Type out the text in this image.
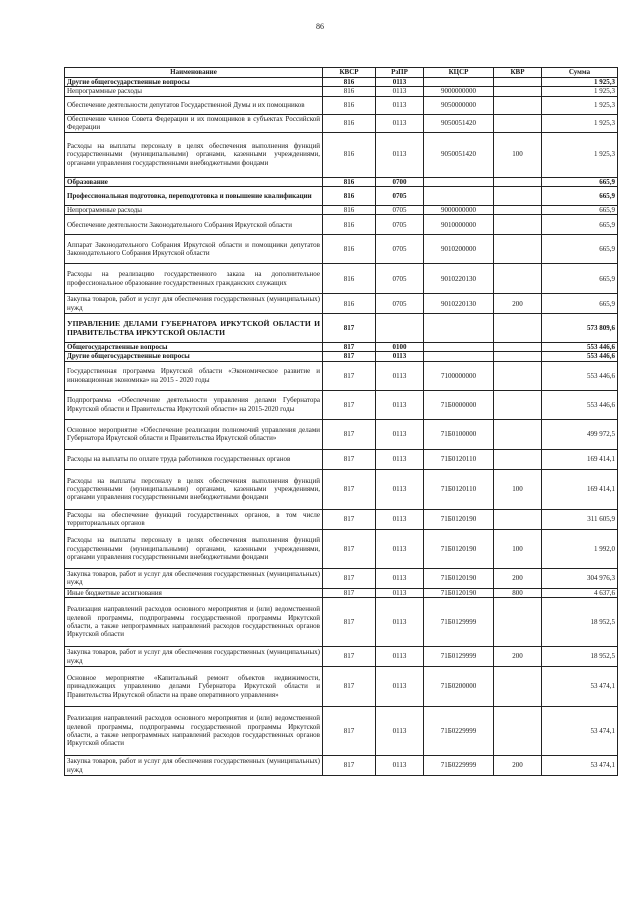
86
Наименование	КВСР	РзПР	КЦСР	КВР	Сумма
Другие общегосударственные вопросы	816	0113			1 925,3
Непрограммные расходы	816	0113	9000000000		1 925,3
Обеспечение деятельности депутатов Государственной Думы и их помощников	816	0113	9050000000		1 925,3
Обеспечение членов Совета Федерации и их помощников в субъектах Российской Федерации	816	0113	9050051420		1 925,3
Расходы на выплаты персоналу в целях обеспечения выполнения функций государственными (муниципальными) органами, казенными учреждениями, органами управления государственными внебюджетными фондами	816	0113	9050051420	100	1 925,3
Образование	816	0700			665,9
Профессиональная подготовка, переподготовка и повышение квалификации	816	0705			665,9
Непрограммные расходы	816	0705	9000000000		665,9
Обеспечение деятельности Законодательного Собрания Иркутской области	816	0705	9010000000		665,9
Аппарат Законодательного Собрания Иркутской области и помощники депутатов Законодательного Собрания Иркутской области	816	0705	9010200000		665,9
Расходы на реализацию государственного заказа на дополнительное профессиональное образование государственных гражданских служащих	816	0705	9010220130		665,9
Закупка товаров, работ и услуг для обеспечения государственных (муниципальных) нужд	816	0705	9010220130	200	665,9
УПРАВЛЕНИЕ ДЕЛАМИ ГУБЕРНАТОРА ИРКУТСКОЙ ОБЛАСТИ И ПРАВИТЕЛЬСТВА ИРКУТСКОЙ ОБЛАСТИ	817				573 809,6
Общегосударственные вопросы	817	0100			553 446,6
Другие общегосударственные вопросы	817	0113			553 446,6
Государственная программа Иркутской области «Экономическое развитие и инновационная экономика» на 2015 - 2020 годы	817	0113	7100000000		553 446,6
Подпрограмма «Обеспечение деятельности управления делами Губернатора Иркутской области и Правительства Иркутской области» на 2015-2020 годы	817	0113	71Б0000000		553 446,6
Основное мероприятие «Обеспечение реализации полномочий управления делами Губернатора Иркутской области и Правительства Иркутской области»	817	0113	71Б0100000		499 972,5
Расходы на выплаты по оплате труда работников государственных органов	817	0113	71Б0120110		169 414,1
Расходы на выплаты персоналу в целях обеспечения выполнения функций государственными (муниципальными) органами, казенными учреждениями, органами управления государственными внебюджетными фондами	817	0113	71Б0120110	100	169 414,1
Расходы на обеспечение функций государственных органов, в том числе территориальных органов	817	0113	71Б0120190		311 605,9
Расходы на выплаты персоналу в целях обеспечения выполнения функций государственными (муниципальными) органами, казенными учреждениями, органами управления государственными внебюджетными фондами	817	0113	71Б0120190	100	1 992,0
Закупка товаров, работ и услуг для обеспечения государственных (муниципальных) нужд	817	0113	71Б0120190	200	304 976,3
Иные бюджетные ассигнования	817	0113	71Б0120190	800	4 637,6
Реализация направлений расходов основного мероприятия и (или) ведомственной целевой программы, подпрограммы государственной программы Иркутской области, а также непрограммных направлений расходов государственных органов Иркутской области	817	0113	71Б0129999		18 952,5
Закупка товаров, работ и услуг для обеспечения государственных (муниципальных) нужд	817	0113	71Б0129999	200	18 952,5
Основное мероприятие «Капитальный ремонт объектов недвижимости, принадлежащих управлению делами Губернатора Иркутской области и Правительства Иркутской области на праве оперативного управления»	817	0113	71Б0200000		53 474,1
Реализация направлений расходов основного мероприятия и (или) ведомственной целевой программы, подпрограммы государственной программы Иркутской области, а также непрограммных направлений расходов государственных органов Иркутской области	817	0113	71Б0229999		53 474,1
Закупка товаров, работ и услуг для обеспечения государственных (муниципальных) нужд	817	0113	71Б0229999	200	53 474,1
